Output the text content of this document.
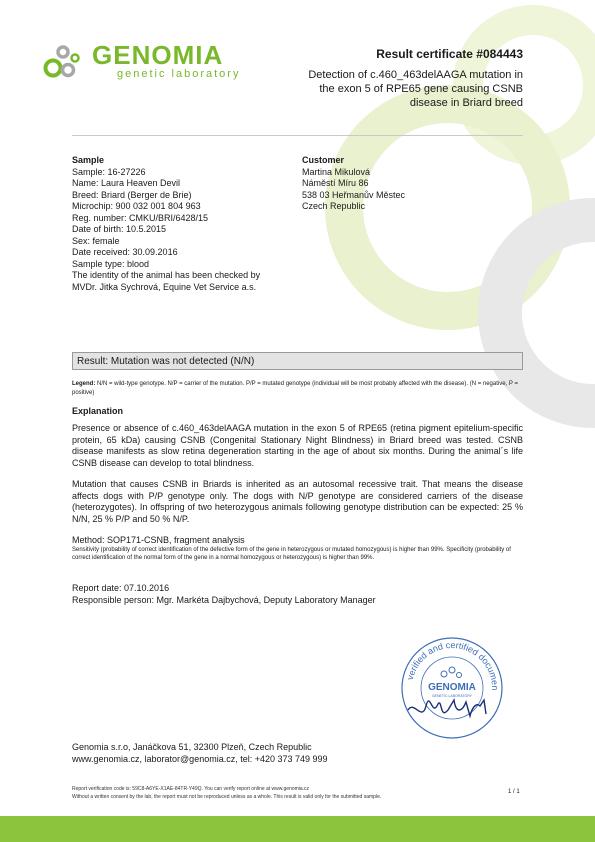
GENOMIA
genetic laboratory
Result certificate #084443
Detection of c.460_463delAAGA mutation in the exon 5 of RPE65 gene causing CSNB disease in Briard breed
Sample
Sample: 16-27226
Name: Laura Heaven Devil
Breed: Briard (Berger de Brie)
Microchip: 900 032 001 804 963
Reg. number: CMKU/BRI/6428/15
Date of birth: 10.5.2015
Sex: female
Date received: 30.09.2016
Sample type: blood
The identity of the animal has been checked by
MVDr. Jitka Sychrová, Equine Vet Service a.s.
Customer
Martina Mikulová
Náměstí Míru 86
538 03 Heřmanův Městec
Czech Republic
Result: Mutation was not detected (N/N)
Legend: N/N = wild-type genotype. N/P = carrier of the mutation. P/P = mutated genotype (individual will be most probably affected with the disease). (N = negative, P = positive)
Explanation
Presence or absence of c.460_463delAAGA mutation in the exon 5 of RPE65 (retina pigment epitelium-specific protein, 65 kDa) causing CSNB (Congenital Stationary Night Blindness) in Briard breed was tested. CSNB disease manifests as slow retina degeneration starting in the age of about six months. During the animal´s life CSNB disease can develop to total blindness.
Mutation that causes CSNB in Briards is inherited as an autosomal recessive trait. That means the disease affects dogs with P/P genotype only. The dogs with N/P genotype are considered carriers of the disease (heterozygotes). In offspring of two heterozygous animals following genotype distribution can be expected: 25 % N/N, 25 % P/P and 50 % N/P.
Method: SOP171-CSNB, fragment analysis
Sensitivity (probability of correct identification of the defective form of the gene in heterozygous or mutated homozygous) is higher than 99%. Specificity (probability of correct identification of the normal form of the gene in a normal homozygous or heterozygous) is higher than 99%.
Report date: 07.10.2016
Responsible person: Mgr. Markéta Dajbychová, Deputy Laboratory Manager
verified and certified documen
GENOMIA
GENETIC LABORATORY
Genomia s.r.o, Janáčkova 51, 32300 Plzeň, Czech Republic
www.genomia.cz, laborator@genomia.cz, tel: +420 373 749 999
Report verification code is: 59C8-A6YE-X1AE-84TR-Y49Q. You can verify report online at www.genomia.cz
Without a written consent by the lab, the report must not be reproduced unless as a whole. This result is valid only for the submitted sample.
1 / 1
